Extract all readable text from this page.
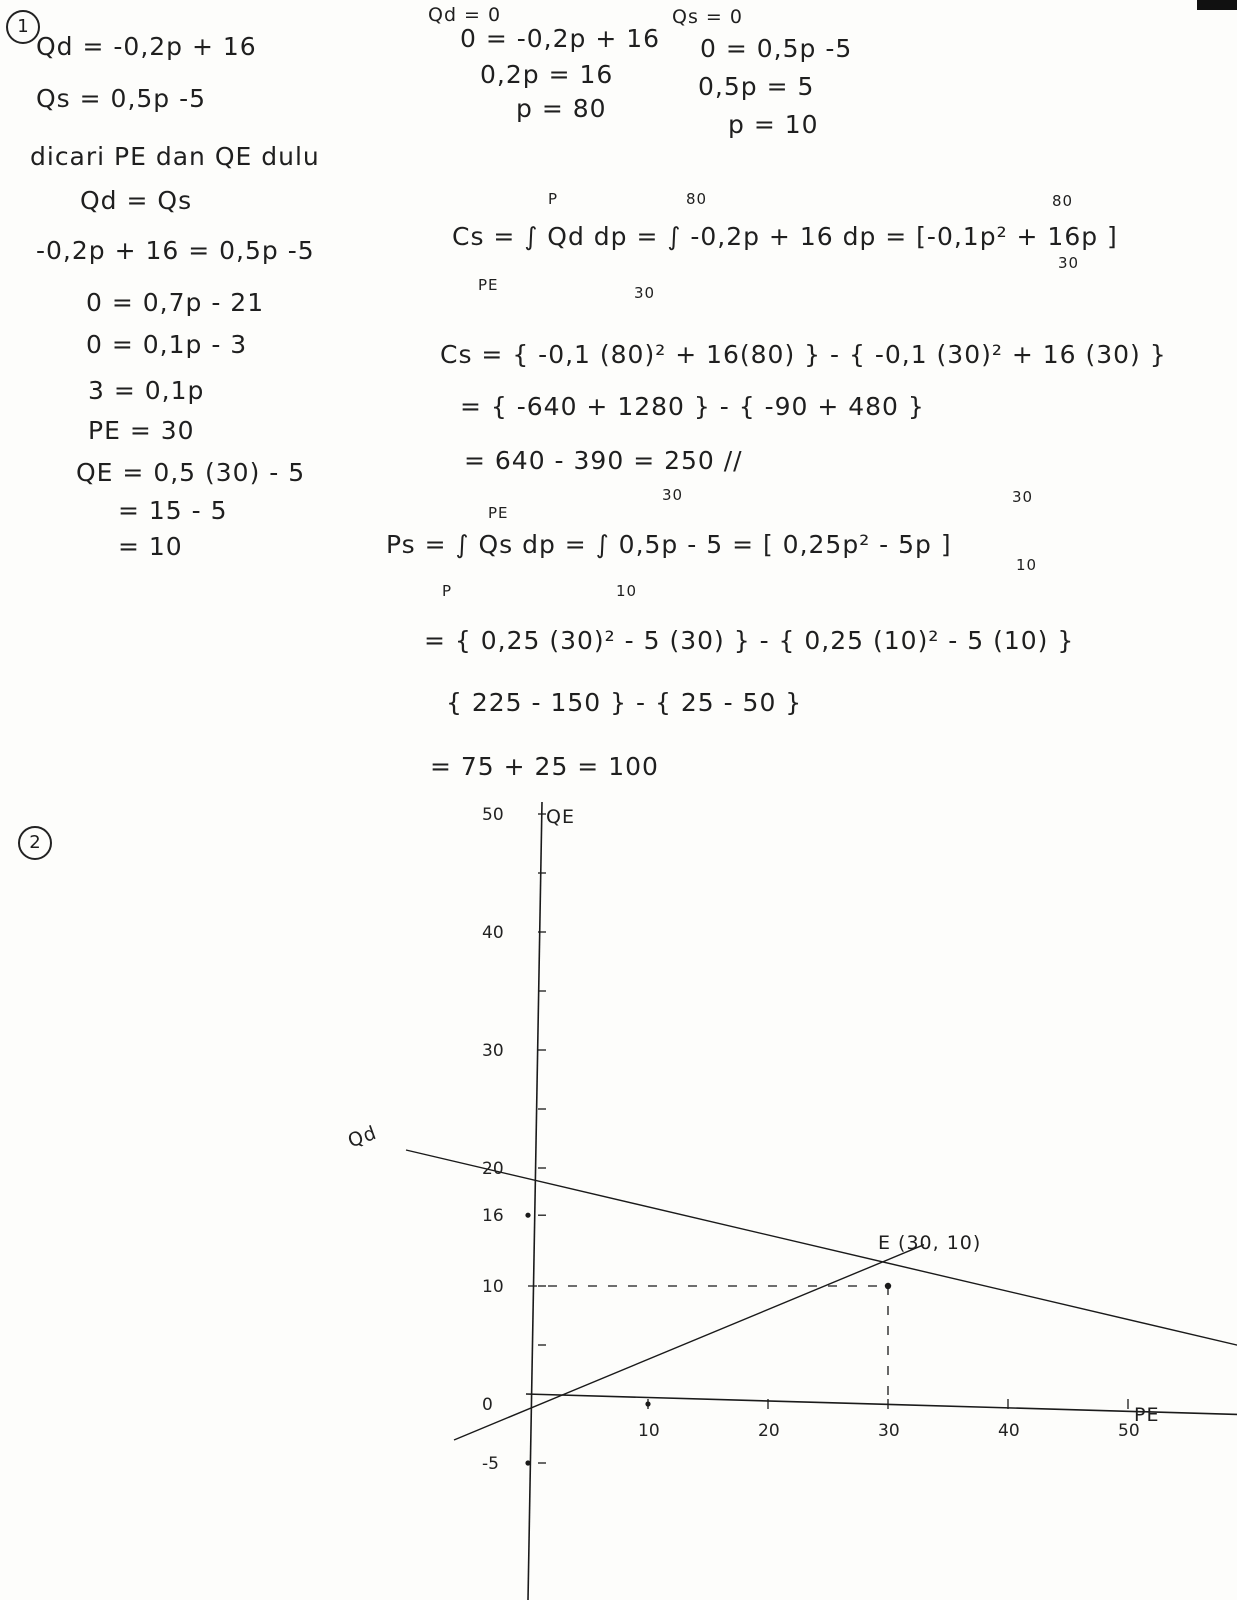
1
Qd = -0,2p + 16
Qs = 0,5p -5
dicari PE dan QE dulu
Qd = Qs
-0,2p + 16 = 0,5p -5
0 = 0,7p - 21
0 = 0,1p - 3
3 = 0,1p
PE = 30
QE = 0,5 (30) - 5
= 15 - 5
= 10
Qd = 0
0 = -0,2p + 16
0,2p = 16
p = 80
Qs = 0
0 = 0,5p -5
0,5p = 5
p = 10
P	80	80
Cs = ∫ Qd dp = ∫ -0,2p + 16 dp = [-0,1p² + 16p ]
PE	30
30
Cs = { -0,1 (80)² + 16(80) } - { -0,1 (30)² + 16 (30) }
= { -640 + 1280 } - { -90 + 480 }
= 640 - 390 = 250 //
PE
30	30
Ps = ∫ Qs dp = ∫ 0,5p - 5 = [ 0,25p² - 5p ]
P	10
10
= { 0,25 (30)² - 5 (30) } - { 0,25 (10)² - 5 (10) }
{ 225 - 150 } - { 25 - 50 }
= 75 + 25 = 100
2
50
40
30
20
16
10
0
-5
10	20	30	40	50
QE
Qd
PE
E (30, 10)
